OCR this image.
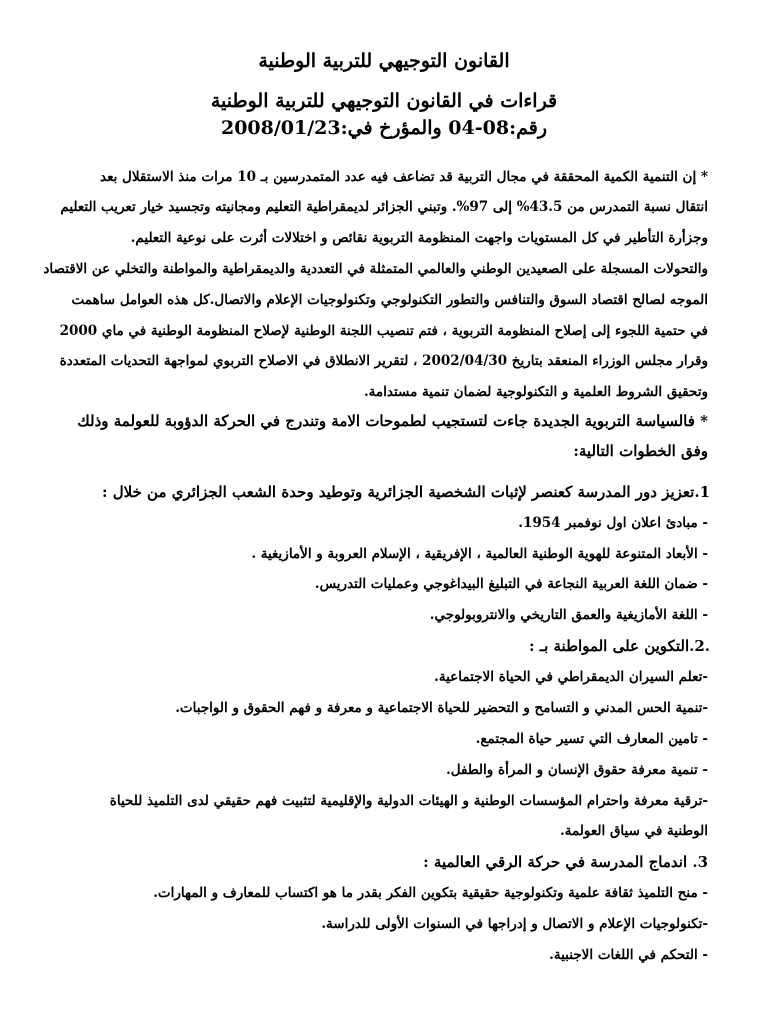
القانون التوجيهي للتربية الوطنية
قراءات في القانون التوجيهي للتربية الوطنية
رقم:08-04 والمؤرخ في:2008/01/23
* إن التنمية الكمية المحققة في مجال التربية قد تضاعف فيه عدد المتمدرسين بـ 10 مرات منذ الاستقلال بعد
انتقال نسبة التمدرس من 43.5% إلى 97%. وتبني الجزائر لديمقراطية التعليم ومجانيته وتجسيد خيار تعريب التعليم
وجزأرة التأطير في كل المستويات واجهت المنظومة التربوية نقائص و اختلالات أثرت على نوعية التعليم.
والتحولات المسجلة على الصعيدين الوطني والعالمي المتمثلة في التعددية والديمقراطية والمواطنة والتخلي عن الاقتصاد
الموجه لصالح اقتصاد السوق والتنافس والتطور التكنولوجي وتكنولوجيات الإعلام والاتصال.كل هذه العوامل ساهمت
في حتمية اللجوء إلى إصلاح المنظومة التربوية ، فتم تنصيب اللجنة الوطنية لإصلاح المنظومة الوطنية في ماي 2000
وقرار مجلس الوزراء المنعقد بتاريخ 2002/04/30 ، لتقرير الانطلاق في الاصلاح التربوي لمواجهة التحديات المتعددة
وتحقيق الشروط العلمية و التكنولوجية لضمان تنمية مستدامة.
* فالسياسة التربوية الجديدة جاءت لتستجيب لطموحات الامة وتندرج في الحركة الدؤوبة للعولمة وذلك
وفق الخطوات التالية:
1.تعزيز دور المدرسة كعنصر لإثبات الشخصية الجزائرية وتوطيد وحدة الشعب الجزائري من خلال :
- مبادئ اعلان اول نوفمبر 1954.
- الأبعاد المتنوعة للهوية الوطنية العالمية ، الإفريقية ، الإسلام العروبة و الأمازيغية .
- ضمان اللغة العربية النجاعة في التبليغ البيداغوجي وعمليات التدريس.
- اللغة الأمازيغية والعمق التاريخي والانتروبولوجي.
.2.التكوين على المواطنة بـ :
-تعلم السيران الديمقراطي في الحياة الاجتماعية.
-تنمية الحس المدني و التسامح و التحضير للحياة الاجتماعية و معرفة و فهم الحقوق و الواجبات.
- تامين المعارف التي تسير حياة المجتمع.
- تنمية معرفة حقوق الإنسان و المرأة والطفل.
-ترقية معرفة واحترام المؤسسات الوطنية و الهيئات الدولية والإقليمية لتثبيت فهم حقيقي لدى التلميذ للحياة
الوطنية في سياق العولمة.
3. اندماج المدرسة في حركة الرقي العالمية :
- منح التلميذ ثقافة علمية وتكنولوجية حقيقية بتكوين الفكر بقدر ما هو اكتساب للمعارف و المهارات.
-تكنولوجيات الإعلام و الاتصال و إدراجها في السنوات الأولى للدراسة.
- التحكم في اللغات الاجنبية.
